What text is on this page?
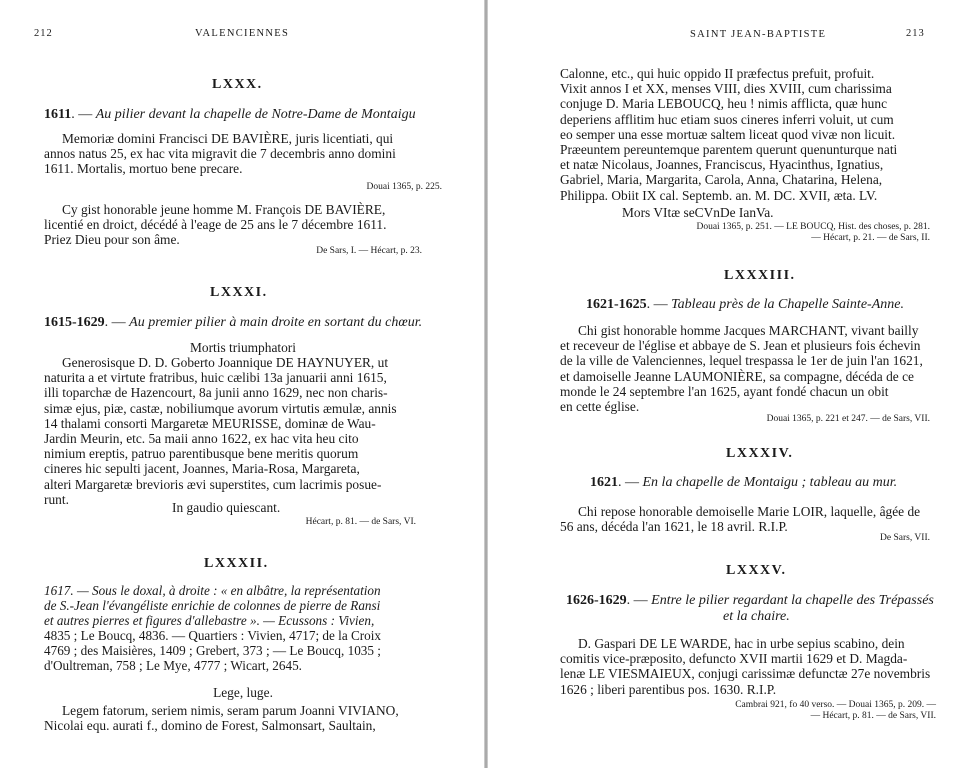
212	VALENCIENNES
LXXX.
1611. — Au pilier devant la chapelle de Notre-Dame de Montaigu

Memoriæ domini Francisci DE BAVIÈRE, juris licentiati, qui

annos natus 25, ex hac vita migravit die 7 decembris anno domini

1611. Mortalis, mortuo bene precare.

Douai 1365, p. 225.

Cy gist honorable jeune homme M. François DE BAVIÈRE,

licentié en droict, décédé à l'eage de 25 ans le 7 décembre 1611.

Priez Dieu pour son âme.

De Sars, I. — Hécart, p. 23.
LXXXI.
1615-1629. — Au premier pilier à main droite en sortant du chœur.
Mortis triumphatori

Generosisque D. D. Goberto Joannique DE HAYNUYER, ut

naturita a et virtute fratribus, huic cælibi 13a januarii anni 1615,

illi toparchæ de Hazencourt, 8a junii anno 1629, nec non charis-

simæ ejus, piæ, castæ, nobiliumque avorum virtutis æmulæ, annis

14 thalami consorti Margaretæ MEURISSE, dominæ de Wau-

Jardin Meurin, etc. 5a maii anno 1622, ex hac vita heu cito

nimium ereptis, patruo parentibusque bene meritis quorum

cineres hic sepulti jacent, Joannes, Maria-Rosa, Margareta,

alteri Margaretæ brevioris ævi superstites, cum lacrimis posue-

runt.

In gaudio quiescant.
Hécart, p. 81. — de Sars, VI.
LXXXII.

1617. — Sous le doxal, à droite : « en albâtre, la représentation

de S.-Jean l'évangéliste enrichie de colonnes de pierre de Ransi

et autres pierres et figures d'allebastre ». — Ecussons : Vivien,

4835 ; Le Boucq, 4836. — Quartiers : Vivien, 4717; de la Croix

4769 ; des Maisières, 1409 ; Grebert, 373 ; — Le Boucq, 1035 ;

d'Oultreman, 758 ; Le Mye, 4777 ; Wicart, 2645.

Lege, luge.

Legem fatorum, seriem nimis, seram parum Joanni VIVIANO,

Nicolai equ. aurati f., domino de Forest, Salmonsart, Saultain,

SAINT JEAN-BAPTISTE	213

Calonne, etc., qui huic oppido II præfectus prefuit, profuit.

Vixit annos I et XX, menses VIII, dies XVIII, cum charissima

conjuge D. Maria LEBOUCQ, heu ! nimis afflicta, quæ hunc

deperiens afflitim huc etiam suos cineres inferri voluit, ut cum

eo semper una esse mortuæ saltem liceat quod vivæ non licuit.

Præeuntem pereuntemque parentem querunt quenunturque nati

et natæ Nicolaus, Joannes, Franciscus, Hyacinthus, Ignatius,

Gabriel, Maria, Margarita, Carola, Anna, Chatarina, Helena,

Philippa. Obiit IX cal. Septemb. an. M. DC. XVII, æta. LV.

Mors VItæ seCVnDe IanVa.
Douai 1365, p. 251. — LE BOUCQ, Hist. des choses, p. 281.
— Hécart, p. 21. — de Sars, II.
LXXXIII.
1621-1625. — Tableau près de la Chapelle Sainte-Anne.

Chi gist honorable homme Jacques MARCHANT, vivant bailly

et receveur de l'église et abbaye de S. Jean et plusieurs fois échevin

de la ville de Valenciennes, lequel trespassa le 1er de juin l'an 1621,

et damoiselle Jeanne LAUMONIÈRE, sa compagne, décéda de ce

monde le 24 septembre l'an 1625, ayant fondé chacun un obit

en cette église.

Douai 1365, p. 221 et 247. — de Sars, VII.
LXXXIV.
1621. — En la chapelle de Montaigu ; tableau au mur.

Chi repose honorable demoiselle Marie LOIR, laquelle, âgée de

56 ans, décéda l'an 1621, le 18 avril. R.I.P.

De Sars, VII.
LXXXV.
1626-1629. — Entre le pilier regardant la chapelle des Trépassés
et la chaire.

D. Gaspari DE LE WARDE, hac in urbe sepius scabino, dein

comitis vice-præposito, defuncto XVII martii 1629 et D. Magda-

lenæ LE VIESMAIEUX, conjugi carissimæ defunctæ 27e novembris

1626 ; liberi parentibus pos. 1630. R.I.P.

Cambrai 921, fo 40 verso. — Douai 1365, p. 209. —
— Hécart, p. 81. — de Sars, VII.
